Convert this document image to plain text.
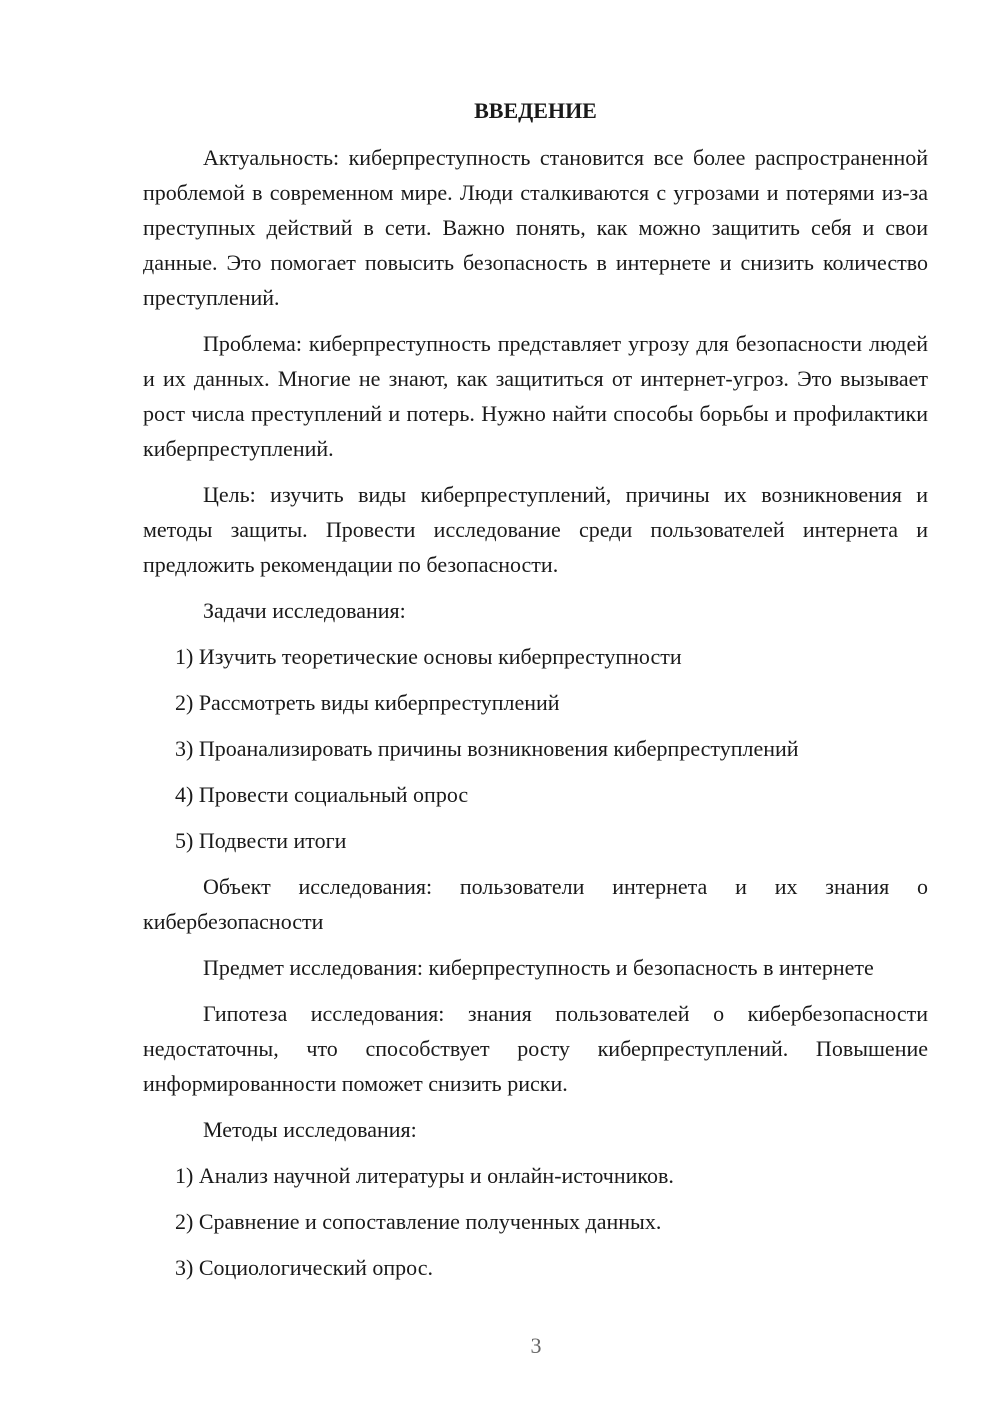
ВВЕДЕНИЕ

Актуальность: киберпреступность становится все более распространенной проблемой в современном мире. Люди сталкиваются с угрозами и потерями из-за преступных действий в сети. Важно понять, как можно защитить себя и свои данные. Это помогает повысить безопасность в интернете и снизить количество преступлений.

Проблема: киберпреступность представляет угрозу для безопасности людей и их данных. Многие не знают, как защититься от интернет-угроз. Это вызывает рост числа преступлений и потерь. Нужно найти способы борьбы и профилактики киберпреступлений.

Цель: изучить виды киберпреступлений, причины их возникновения и методы защиты. Провести исследование среди пользователей интернета и предложить рекомендации по безопасности.

Задачи исследования:

1) Изучить теоретические основы киберпреступности
2) Рассмотреть виды киберпреступлений
3) Проанализировать причины возникновения киберпреступлений
4) Провести социальный опрос
5) Подвести итоги

Объект исследования: пользователи интернета и их знания о кибербезопасности

Предмет исследования: киберпреступность и безопасность в интернете

Гипотеза исследования: знания пользователей о кибербезопасности недостаточны, что способствует росту киберпреступлений. Повышение информированности поможет снизить риски.

Методы исследования:

1) Анализ научной литературы и онлайн-источников.
2) Сравнение и сопоставление полученных данных.
3) Социологический опрос.
3
